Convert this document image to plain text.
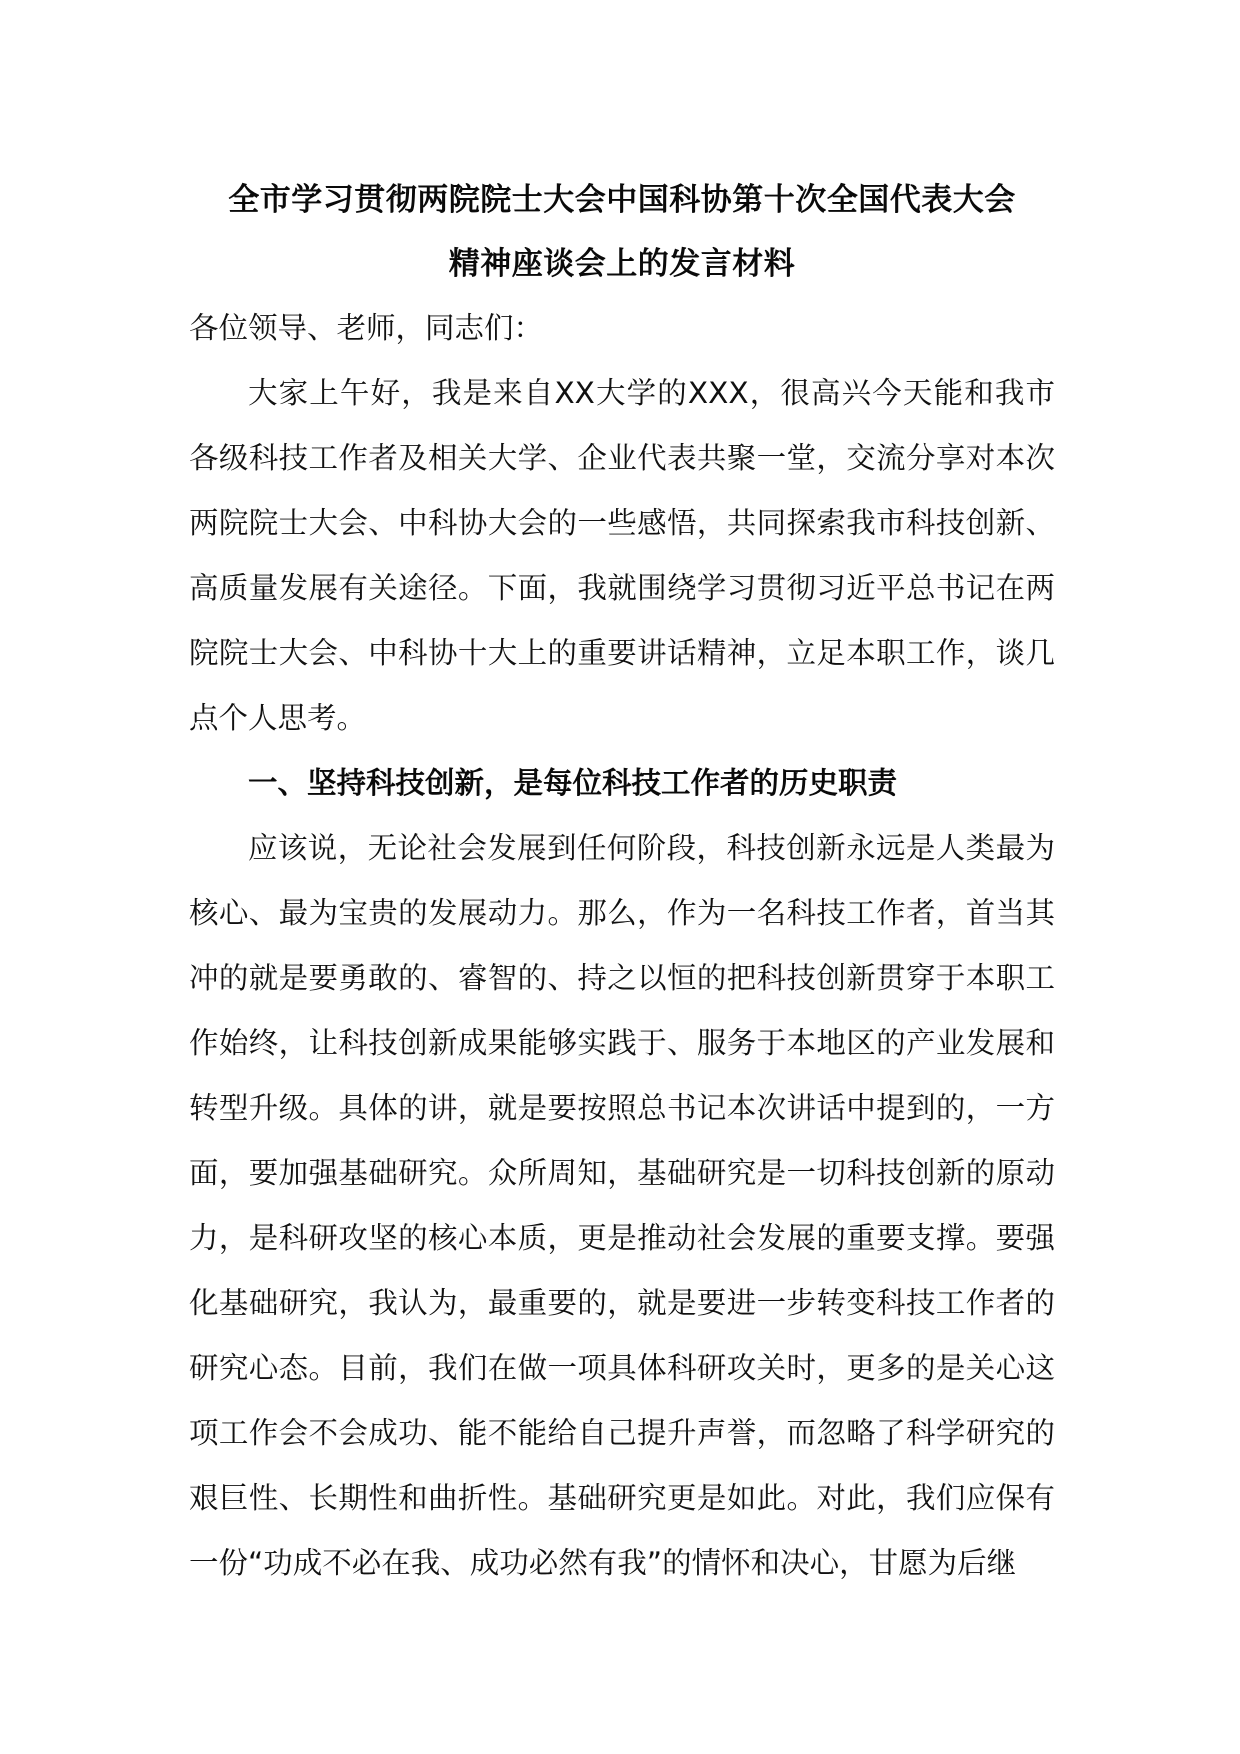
全市学习贯彻两院院士大会中国科协第十次全国代表大会
精神座谈会上的发言材料

各位领导、老师，同志们：

大家上午好，我是来自XX大学的XXX，很高兴今天能和我市各级科技工作者及相关大学、企业代表共聚一堂，交流分享对本次两院院士大会、中科协大会的一些感悟，共同探索我市科技创新、高质量发展有关途径。下面，我就围绕学习贯彻习近平总书记在两院院士大会、中科协十大上的重要讲话精神，立足本职工作，谈几点个人思考。

一、坚持科技创新，是每位科技工作者的历史职责

应该说，无论社会发展到任何阶段，科技创新永远是人类最为核心、最为宝贵的发展动力。那么，作为一名科技工作者，首当其冲的就是要勇敢的、睿智的、持之以恒的把科技创新贯穿于本职工作始终，让科技创新成果能够实践于、服务于本地区的产业发展和转型升级。具体的讲，就是要按照总书记本次讲话中提到的，一方面，要加强基础研究。众所周知，基础研究是一切科技创新的原动力，是科研攻坚的核心本质，更是推动社会发展的重要支撑。要强化基础研究，我认为，最重要的，就是要进一步转变科技工作者的研究心态。目前，我们在做一项具体科研攻关时，更多的是关心这项工作会不会成功、能不能给自己提升声誉，而忽略了科学研究的艰巨性、长期性和曲折性。基础研究更是如此。对此，我们应保有一份“功成不必在我、成功必然有我”的情怀和决心，甘愿为后继
